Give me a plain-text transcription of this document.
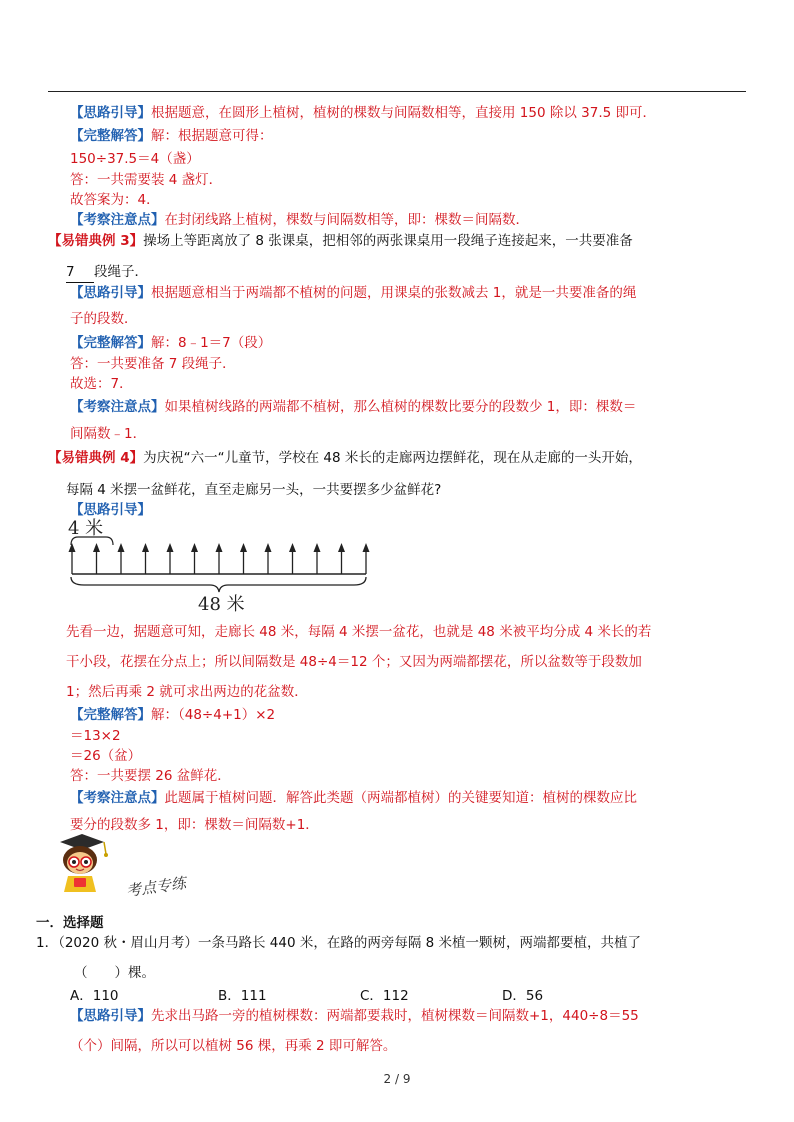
【思路引导】根据题意，在圆形上植树，植树的棵数与间隔数相等，直接用 150 除以 37.5 即可．
【完整解答】解：根据题意可得：
150÷37.5＝4（盏）
答：一共需要装 4 盏灯．
故答案为：4．
【考察注意点】在封闭线路上植树，棵数与间隔数相等，即：棵数＝间隔数．
【易错典例 3】操场上等距离放了 8 张课桌，把相邻的两张课桌用一段绳子连接起来，一共要准备
7 段绳子．
【思路引导】根据题意相当于两端都不植树的问题，用课桌的张数减去 1，就是一共要准备的绳
子的段数．
【完整解答】解：8﹣1＝7（段）
答：一共要准备 7 段绳子．
故选：7．
【考察注意点】如果植树线路的两端都不植树，那么植树的棵数比要分的段数少 1，即：棵数＝
间隔数﹣1．
【易错典例 4】为庆祝“六一“儿童节，学校在 48 米长的走廊两边摆鲜花，现在从走廊的一头开始，
每隔 4 米摆一盆鲜花，直至走廊另一头，一共要摆多少盆鲜花?
【思路引导】
4 米
48 米
先看一边，据题意可知，走廊长 48 米，每隔 4 米摆一盆花，也就是 48 米被平均分成 4 米长的若
干小段，花摆在分点上；所以间隔数是 48÷4＝12 个；又因为两端都摆花，所以盆数等于段数加
1；然后再乘 2 就可求出两边的花盆数．
【完整解答】解：（48÷4+1）×2
＝13×2
＝26（盆）
答：一共要摆 26 盆鲜花．
【考察注意点】此题属于植树问题．解答此类题（两端都植树）的关键要知道：植树的棵数应比
要分的段数多 1，即：棵数＝间隔数+1．
考点专练
一．选择题
1．（2020 秋・眉山月考）一条马路长 440 米，在路的两旁每隔 8 米植一颗树，两端都要植，共植了
（　　）棵。
A．110	B．111	C．112	D．56
【思路引导】先求出马路一旁的植树棵数：两端都要栽时，植树棵数＝间隔数+1，440÷8＝55
（个）间隔，所以可以植树 56 棵，再乘 2 即可解答。
2 / 9
